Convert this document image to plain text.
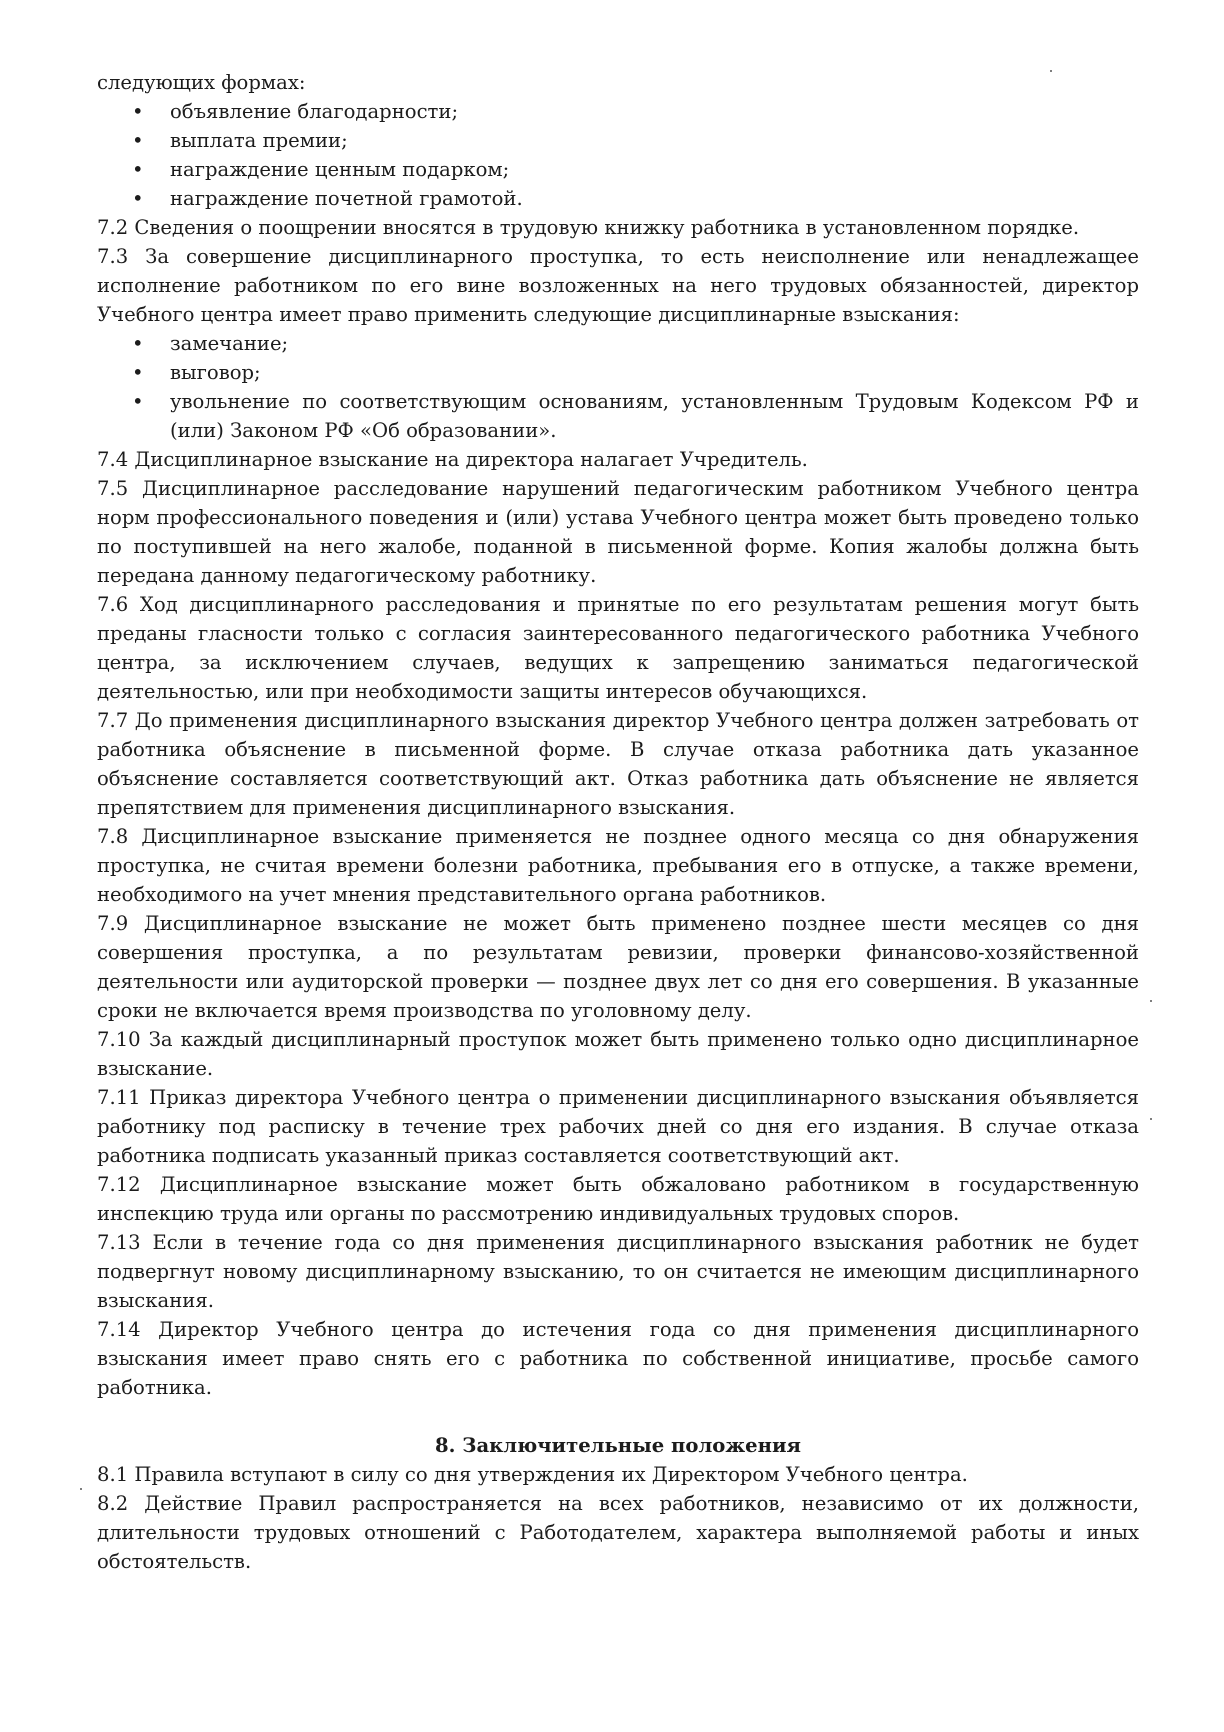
следующих формах:

• объявление благодарности;
• выплата премии;
• награждение ценным подарком;
• награждение почетной грамотой.

7.2 Сведения о поощрении вносятся в трудовую книжку работника в установленном порядке.

7.3 За совершение дисциплинарного проступка, то есть неисполнение или ненадлежащее исполнение работником по его вине возложенных на него трудовых обязанностей, директор Учебного центра имеет право применить следующие дисциплинарные взыскания:

• замечание;
• выговор;
• увольнение по соответствующим основаниям, установленным Трудовым Кодексом РФ и (или) Законом РФ «Об образовании».

7.4 Дисциплинарное взыскание на директора налагает Учредитель.

7.5 Дисциплинарное расследование нарушений педагогическим работником Учебного центра норм профессионального поведения и (или) устава Учебного центра может быть проведено только по поступившей на него жалобе, поданной в письменной форме. Копия жалобы должна быть передана данному педагогическому работнику.

7.6 Ход дисциплинарного расследования и принятые по его результатам решения могут быть преданы гласности только с согласия заинтересованного педагогического работника Учебного центра, за исключением случаев, ведущих к запрещению заниматься педагогической деятельностью, или при необходимости защиты интересов обучающихся.

7.7 До применения дисциплинарного взыскания директор Учебного центра должен затребовать от работника объяснение в письменной форме. В случае отказа работника дать указанное объяснение составляется соответствующий акт. Отказ работника дать объяснение не является препятствием для применения дисциплинарного взыскания.

7.8 Дисциплинарное взыскание применяется не позднее одного месяца со дня обнаружения проступка, не считая времени болезни работника, пребывания его в отпуске, а также времени, необходимого на учет мнения представительного органа работников.

7.9 Дисциплинарное взыскание не может быть применено позднее шести месяцев со дня совершения проступка, а по результатам ревизии, проверки финансово-хозяйственной деятельности или аудиторской проверки — позднее двух лет со дня его совершения. В указанные сроки не включается время производства по уголовному делу.

7.10 За каждый дисциплинарный проступок может быть применено только одно дисциплинарное взыскание.

7.11 Приказ директора Учебного центра о применении дисциплинарного взыскания объявляется работнику под расписку в течение трех рабочих дней со дня его издания. В случае отказа работника подписать указанный приказ составляется соответствующий акт.

7.12 Дисциплинарное взыскание может быть обжаловано работником в государственную инспекцию труда или органы по рассмотрению индивидуальных трудовых споров.

7.13 Если в течение года со дня применения дисциплинарного взыскания работник не будет подвергнут новому дисциплинарному взысканию, то он считается не имеющим дисциплинарного взыскания.

7.14 Директор Учебного центра до истечения года со дня применения дисциплинарного взыскания имеет право снять его с работника по собственной инициативе, просьбе самого работника.

8. Заключительные положения

8.1 Правила вступают в силу со дня утверждения их Директором Учебного центра.

8.2 Действие Правил распространяется на всех работников, независимо от их должности, длительности трудовых отношений с Работодателем, характера выполняемой работы и иных обстоятельств.
